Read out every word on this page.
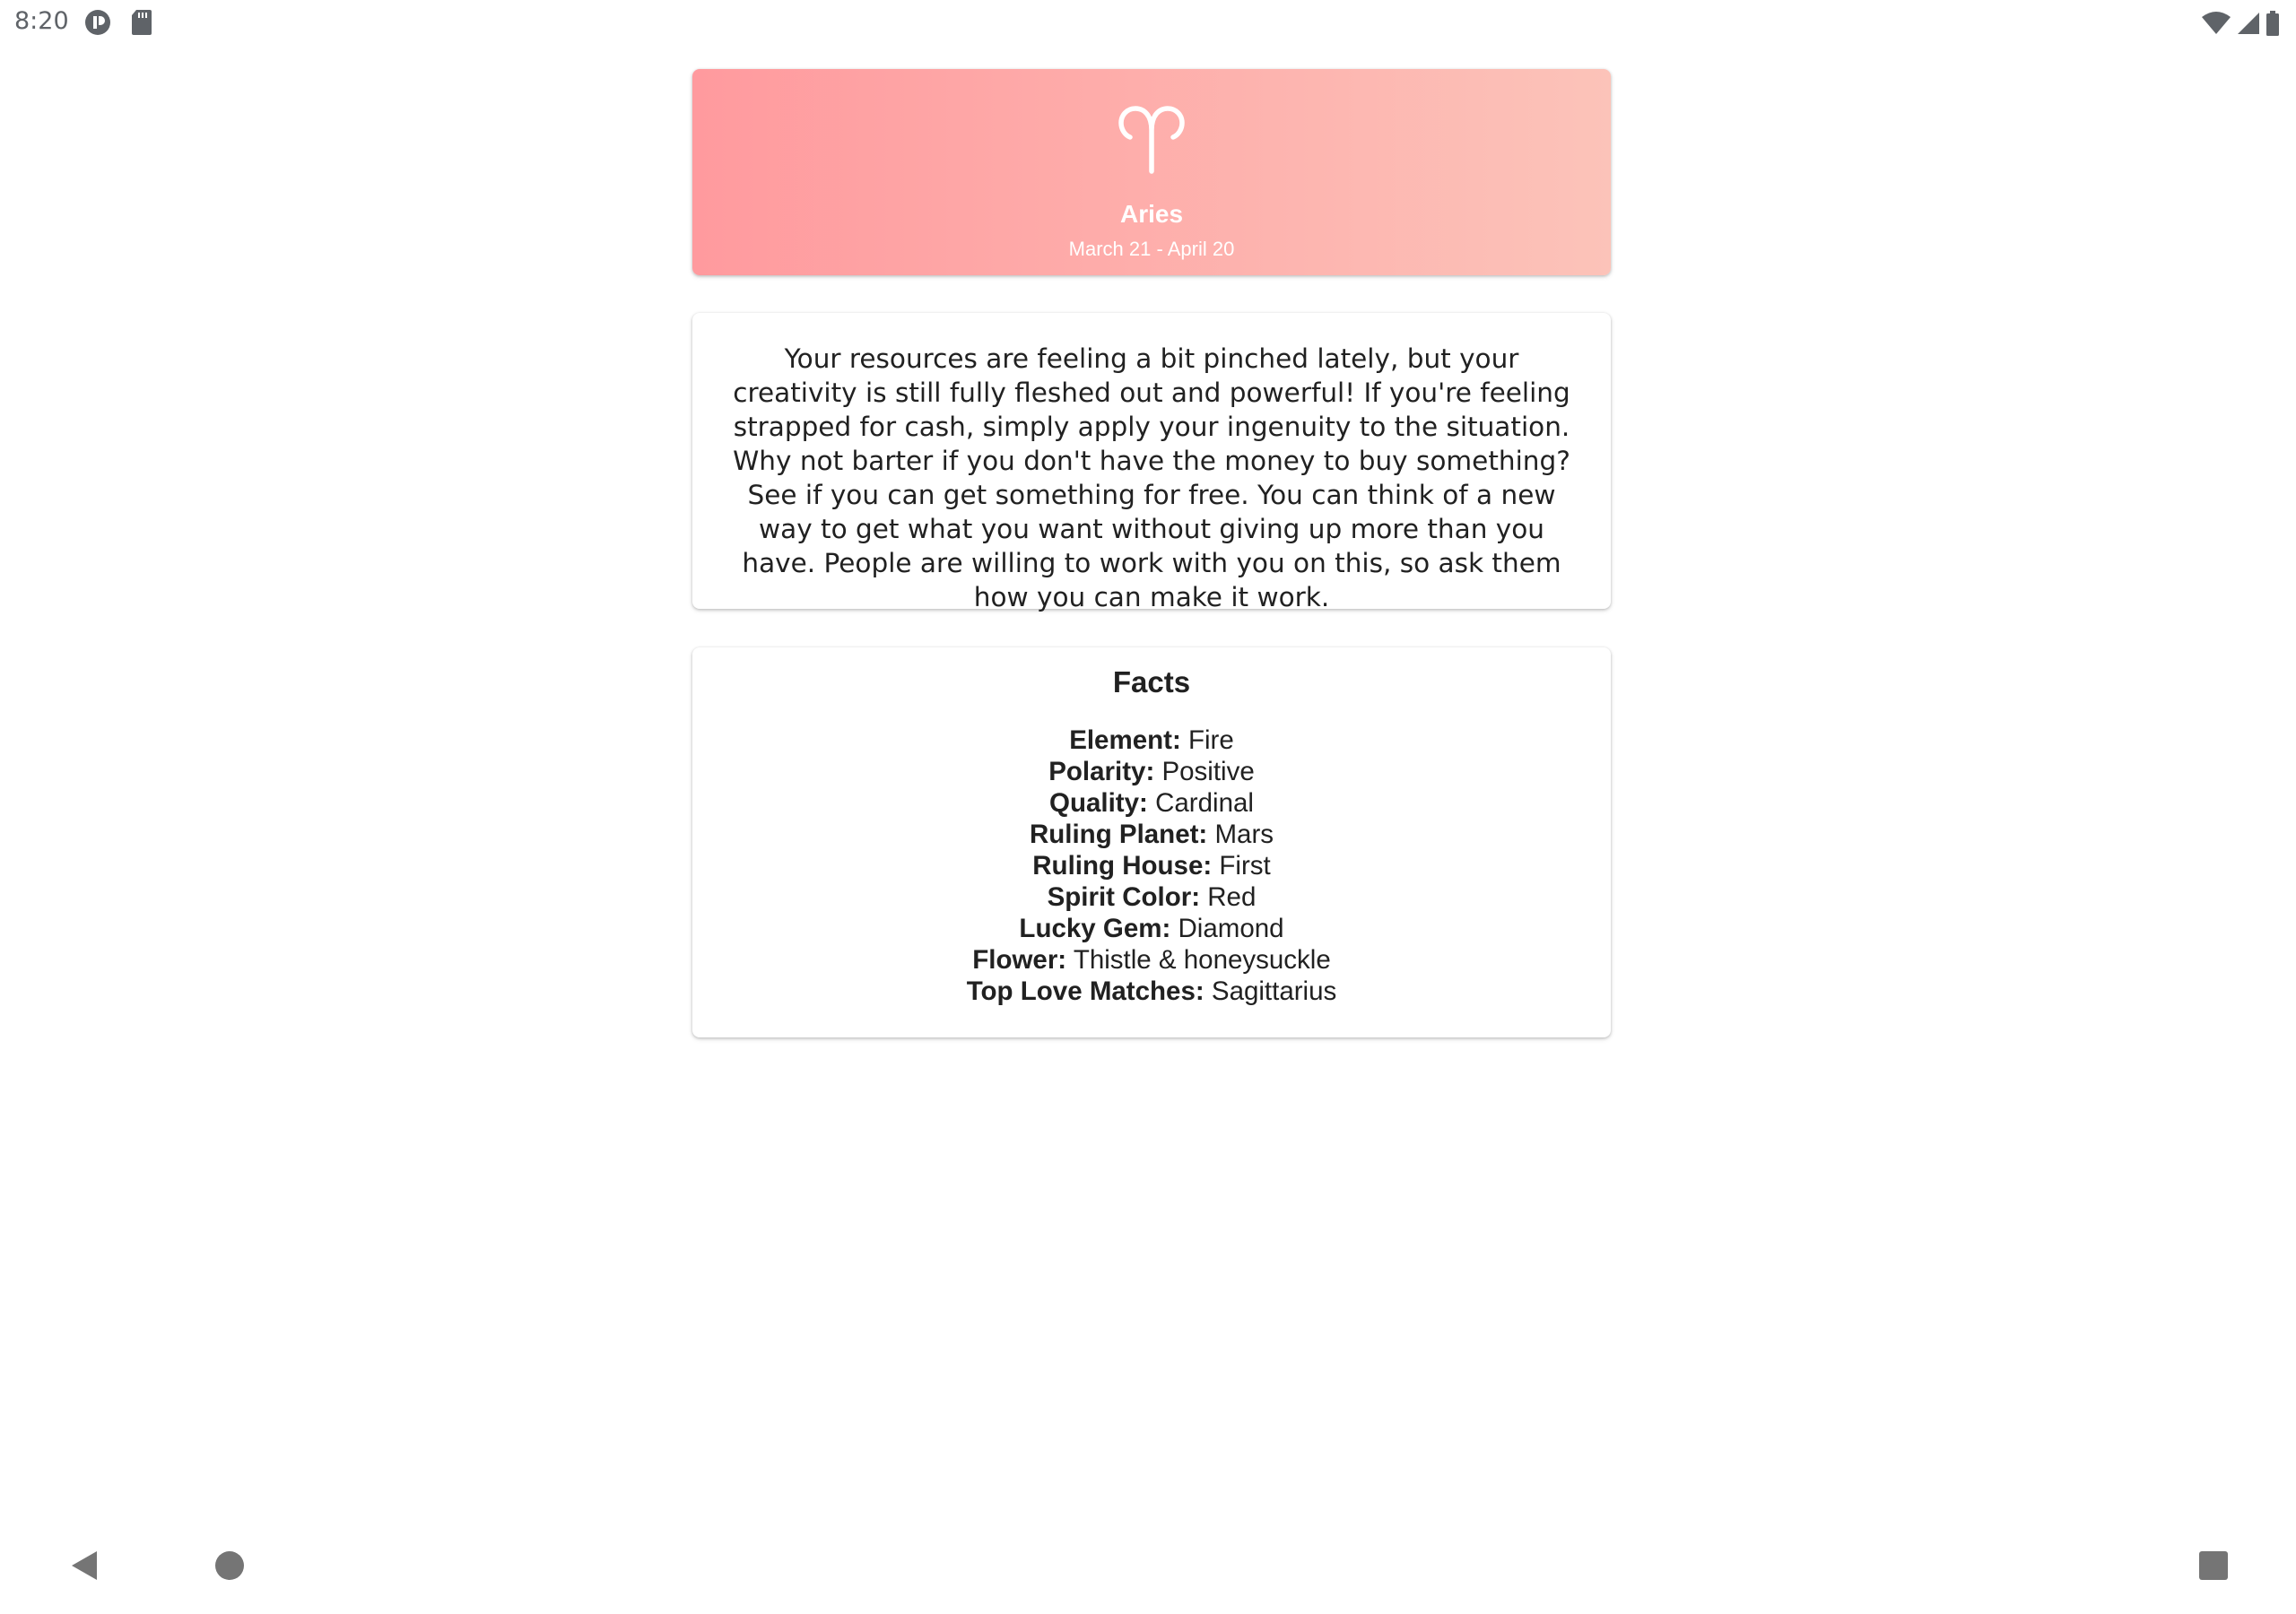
8:20
Aries
March 21 - April 20

Your resources are feeling a bit pinched lately, but your creativity is still fully fleshed out and powerful! If you're feeling strapped for cash, simply apply your ingenuity to the situation. Why not barter if you don't have the money to buy something? See if you can get something for free. You can think of a new way to get what you want without giving up more than you have. People are willing to work with you on this, so ask them how you can make it work.

Facts
Element: Fire
Polarity: Positive
Quality: Cardinal
Ruling Planet: Mars
Ruling House: First
Spirit Color: Red
Lucky Gem: Diamond
Flower: Thistle & honeysuckle
Top Love Matches: Sagittarius
